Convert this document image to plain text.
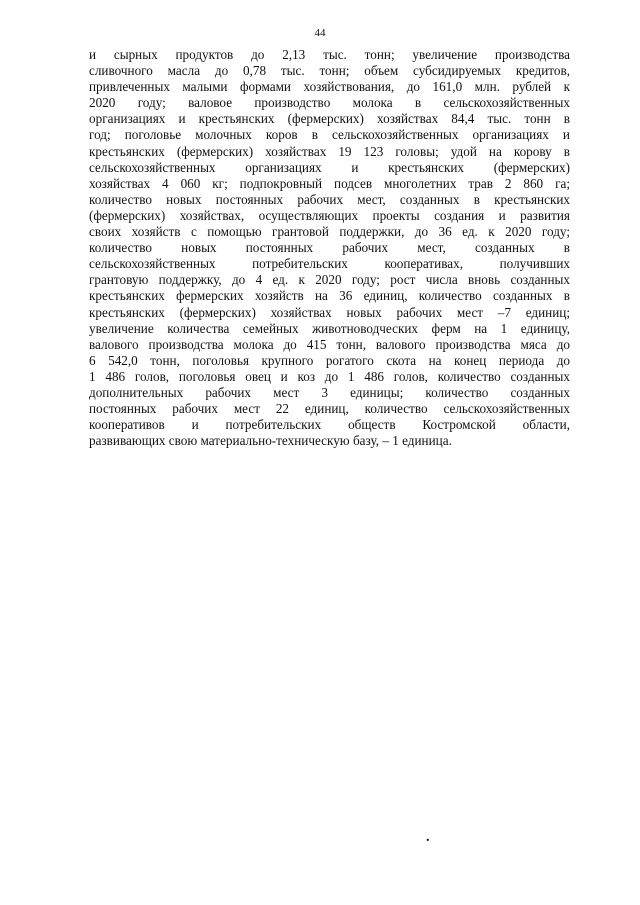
44
и сырных продуктов до 2,13 тыс. тонн; увеличение производства
сливочного масла до 0,78 тыс. тонн; объем субсидируемых кредитов,
привлеченных малыми формами хозяйствования, до 161,0 млн. рублей к
2020 году; валовое производство молока в сельскохозяйственных
организациях и крестьянских (фермерских) хозяйствах 84,4 тыс. тонн в
год; поголовье молочных коров в сельскохозяйственных организациях и
крестьянских (фермерских) хозяйствах 19 123 головы; удой на корову в
сельскохозяйственных организациях и крестьянских (фермерских)
хозяйствах 4 060 кг; подпокровный подсев многолетних трав 2 860 га;
количество новых постоянных рабочих мест, созданных в крестьянских
(фермерских) хозяйствах, осуществляющих проекты создания и развития
своих хозяйств с помощью грантовой поддержки, до 36 ед. к 2020 году;
количество новых постоянных рабочих мест, созданных в
сельскохозяйственных потребительских кооперативах, получивших
грантовую поддержку, до 4 ед. к 2020 году; рост числа вновь созданных
крестьянских фермерских хозяйств на 36 единиц, количество созданных в
крестьянских (фермерских) хозяйствах новых рабочих мест –7 единиц;
увеличение количества семейных животноводческих ферм на 1 единицу,
валового производства молока до 415 тонн, валового производства мяса до
6 542,0 тонн, поголовья крупного рогатого скота на конец периода до
1 486 голов, поголовья овец и коз до 1 486 голов, количество созданных
дополнительных рабочих мест 3 единицы; количество созданных
постоянных рабочих мест 22 единиц, количество сельскохозяйственных
кооперативов и потребительских обществ Костромской области,
развивающих свою материально-техническую базу, – 1 единица.
.
